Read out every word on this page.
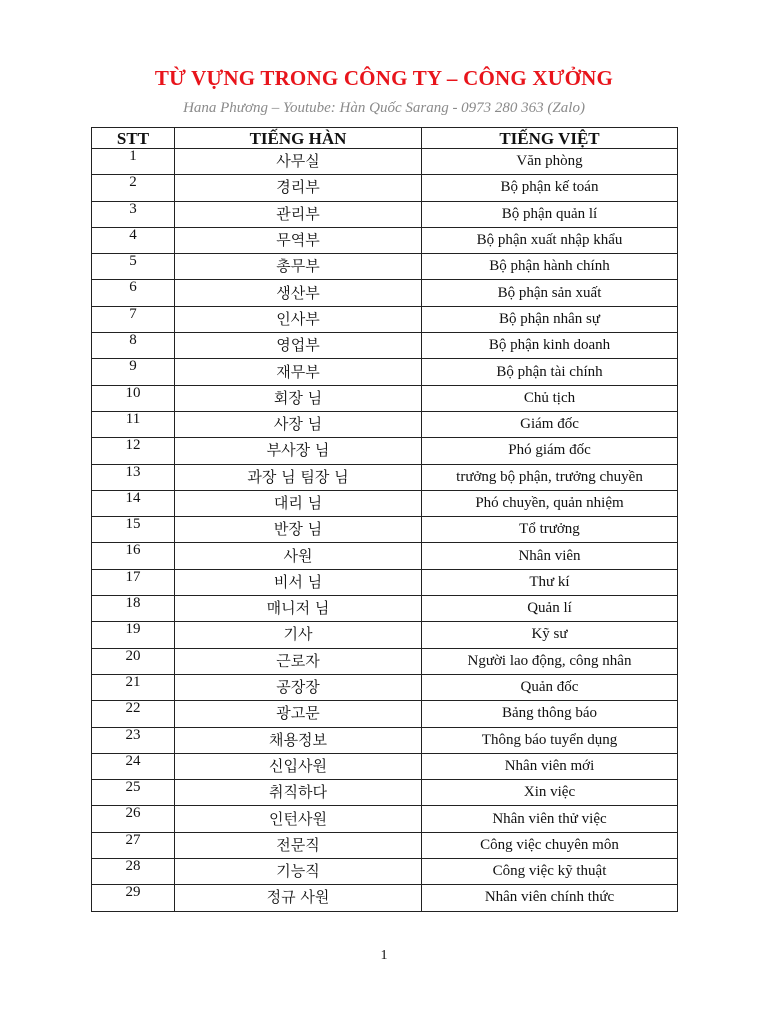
TỪ VỰNG TRONG CÔNG TY – CÔNG XƯỞNG
Hana Phương – Youtube: Hàn Quốc Sarang - 0973 280 363 (Zalo)
STT	TIẾNG HÀN	TIẾNG VIỆT
1	사무실	Văn phòng
2	경리부	Bộ phận kế toán
3	관리부	Bộ phận quản lí
4	무역부	Bộ phận xuất nhập khẩu
5	총무부	Bộ phận hành chính
6	생산부	Bộ phận sản xuất
7	인사부	Bộ phận nhân sự
8	영업부	Bộ phận kinh doanh
9	재무부	Bộ phận tài chính
10	회장 님	Chủ tịch
11	사장 님	Giám đốc
12	부사장 님	Phó giám đốc
13	과장 님 팀장 님	trưởng bộ phận, trưởng chuyền
14	대리 님	Phó chuyền, quản nhiệm
15	반장 님	Tổ trưởng
16	사원	Nhân viên
17	비서 님	Thư kí
18	매니저 님	Quản lí
19	기사	Kỹ sư
20	근로자	Người lao động, công nhân
21	공장장	Quản đốc
22	광고문	Bảng thông báo
23	채용정보	Thông báo tuyển dụng
24	신입사원	Nhân viên mới
25	취직하다	Xin việc
26	인턴사원	Nhân viên thử việc
27	전문직	Công việc chuyên môn
28	기능직	Công việc kỹ thuật
29	정규 사원	Nhân viên chính thức
1
